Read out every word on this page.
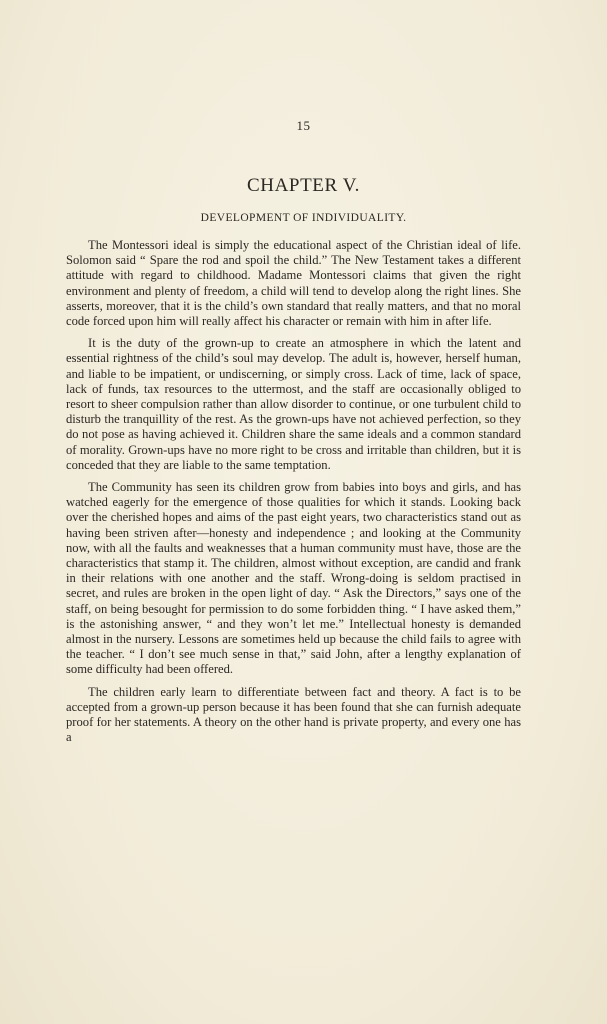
15
CHAPTER V.
DEVELOPMENT OF INDIVIDUALITY.

The Montessori ideal is simply the educational aspect of the Christian ideal of life. Solomon said “ Spare the rod and spoil the child.” The New Testament takes a different attitude with regard to childhood. Madame Montessori claims that given the right environment and plenty of freedom, a child will tend to develop along the right lines. She asserts, moreover, that it is the child’s own standard that really matters, and that no moral code forced upon him will really affect his character or remain with him in after life.

It is the duty of the grown-up to create an atmosphere in which the latent and essential rightness of the child’s soul may develop. The adult is, however, herself human, and liable to be impatient, or undiscerning, or simply cross. Lack of time, lack of space, lack of funds, tax resources to the uttermost, and the staff are occasionally obliged to resort to sheer compulsion rather than allow disorder to continue, or one turbulent child to disturb the tranquillity of the rest. As the grown-ups have not achieved perfection, so they do not pose as having achieved it. Children share the same ideals and a common standard of morality. Grown-ups have no more right to be cross and irritable than children, but it is conceded that they are liable to the same temptation.

The Community has seen its children grow from babies into boys and girls, and has watched eagerly for the emergence of those qualities for which it stands. Looking back over the cherished hopes and aims of the past eight years, two characteristics stand out as having been striven after—honesty and independence ; and looking at the Community now, with all the faults and weaknesses that a human community must have, those are the characteristics that stamp it. The children, almost without exception, are candid and frank in their relations with one another and the staff. Wrong-doing is seldom practised in secret, and rules are broken in the open light of day. “ Ask the Directors,” says one of the staff, on being besought for permission to do some forbidden thing. “ I have asked them,” is the astonishing answer, “ and they won’t let me.” Intellectual honesty is demanded almost in the nursery. Lessons are sometimes held up because the child fails to agree with the teacher. “ I don’t see much sense in that,” said John, after a lengthy explanation of some difficulty had been offered.

The children early learn to differentiate between fact and theory. A fact is to be accepted from a grown-up person because it has been found that she can furnish adequate proof for her statements. A theory on the other hand is private property, and every one has a
